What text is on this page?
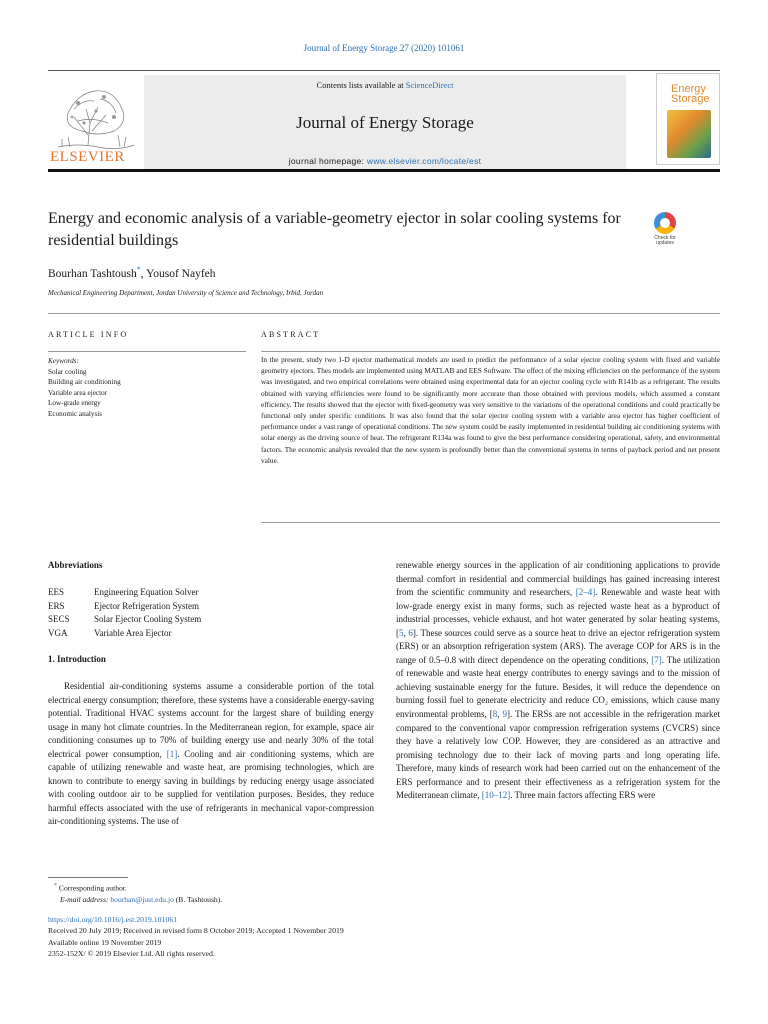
Journal of Energy Storage 27 (2020) 101061
ELSEVIER
Contents lists available at ScienceDirect
Journal of Energy Storage
journal homepage: www.elsevier.com/locate/est
Energy
Storage
Energy and economic analysis of a variable-geometry ejector in solar cooling systems for residential buildings	Check for updates
Bourhan Tashtoush*, Yousof Nayfeh
Mechanical Engineering Department, Jordan University of Science and Technology, Irbid, Jordan
ARTICLE INFO	ABSTRACT
Keywords:
Solar cooling
Building air conditioning
Variable area ejector
Low-grade energy
Economic analysis
In the present, study two 1-D ejector mathematical models are used to predict the performance of a solar ejector cooling system with fixed and variable geometry ejectors. Thes models are implemented using MATLAB and EES Software. The effect of the mixing efficiencies on the performance of the system was investigated, and two empirical correlations were obtained using experimental data for an ejector cooling cycle with R141b as a refrigerant. The results obtained with varying efficiencies were found to be significantly more accurate than those obtained with previous models, which assumed a constant efficiency. The results showed that the ejector with fixed-geometry was very sensitive to the variations of the operational conditions and could practically be functional only under specific conditions. It was also found that the solar ejector cooling system with a variable area ejector has higher coefficient of performance under a vast range of operational conditions. The new system could be easily implemented in residential building air conditioning systems with solar energy as the driving source of heat. The refrigerant R134a was found to give the best performance considering operational, safety, and environmental factors. The economic analysis revealed that the new system is profoundly better than the conventional systems in terms of payback period and net present value.
Abbreviations
EES	Engineering Equation Solver
ERS	Ejector Refrigeration System
SECS	Solar Ejector Cooling System
VGA	Variable Area Ejector
1. Introduction

Residential air-conditioning systems assume a considerable portion of the total electrical energy consumption; therefore, these systems have a considerable energy-saving potential. Traditional HVAC systems account for the largest share of building energy usage in many hot climate countries. In the Mediterranean region, for example, space air conditioning consumes up to 70% of building energy use and nearly 30% of the total electrical power consumption, [1]. Cooling and air conditioning systems, which are capable of utilizing renewable and waste heat, are promising technologies, which are known to contribute to energy saving in buildings by reducing energy usage associated with cooling outdoor air to be supplied for ventilation purposes. Besides, they reduce harmful effects associated with the use of refrigerants in mechanical vapor-compression air-conditioning systems. The use of

renewable energy sources in the application of air conditioning applications to provide thermal comfort in residential and commercial buildings has gained increasing interest from the scientific community and researchers, [2–4]. Renewable and waste heat with low-grade energy exist in many forms, such as rejected waste heat as a byproduct of industrial processes, vehicle exhaust, and hot water generated by solar heating systems, [5, 6]. These sources could serve as a source heat to drive an ejector refrigeration system (ERS) or an absorption refrigeration system (ARS). The average COP for ARS is in the range of 0.5–0.8 with direct dependence on the operating conditions, [7]. The utilization of renewable and waste heat energy contributes to energy savings and to the mission of achieving sustainable energy for the future. Besides, it will reduce the dependence on burning fossil fuel to generate electricity and reduce CO₂ emissions, which cause many environmental problems, [8, 9]. The ERSs are not accessible in the refrigeration market compared to the conventional vapor compression refrigeration systems (CVCRS) since they have a relatively low COP. However, they are considered as an attractive and promising technology due to their lack of moving parts and long operating life. Therefore, many kinds of research work had been carried out on the enhancement of the ERS performance and to present their effectiveness as a refrigeration system for the Mediterranean climate, [10–12]. Three main factors affecting ERS were
* Corresponding author.
E-mail address: bourhan@just.edu.jo (B. Tashtoush).
https://doi.org/10.1016/j.est.2019.101061
Received 20 July 2019; Received in revised form 8 October 2019; Accepted 1 November 2019
Available online 19 November 2019
2352-152X/ © 2019 Elsevier Ltd. All rights reserved.
